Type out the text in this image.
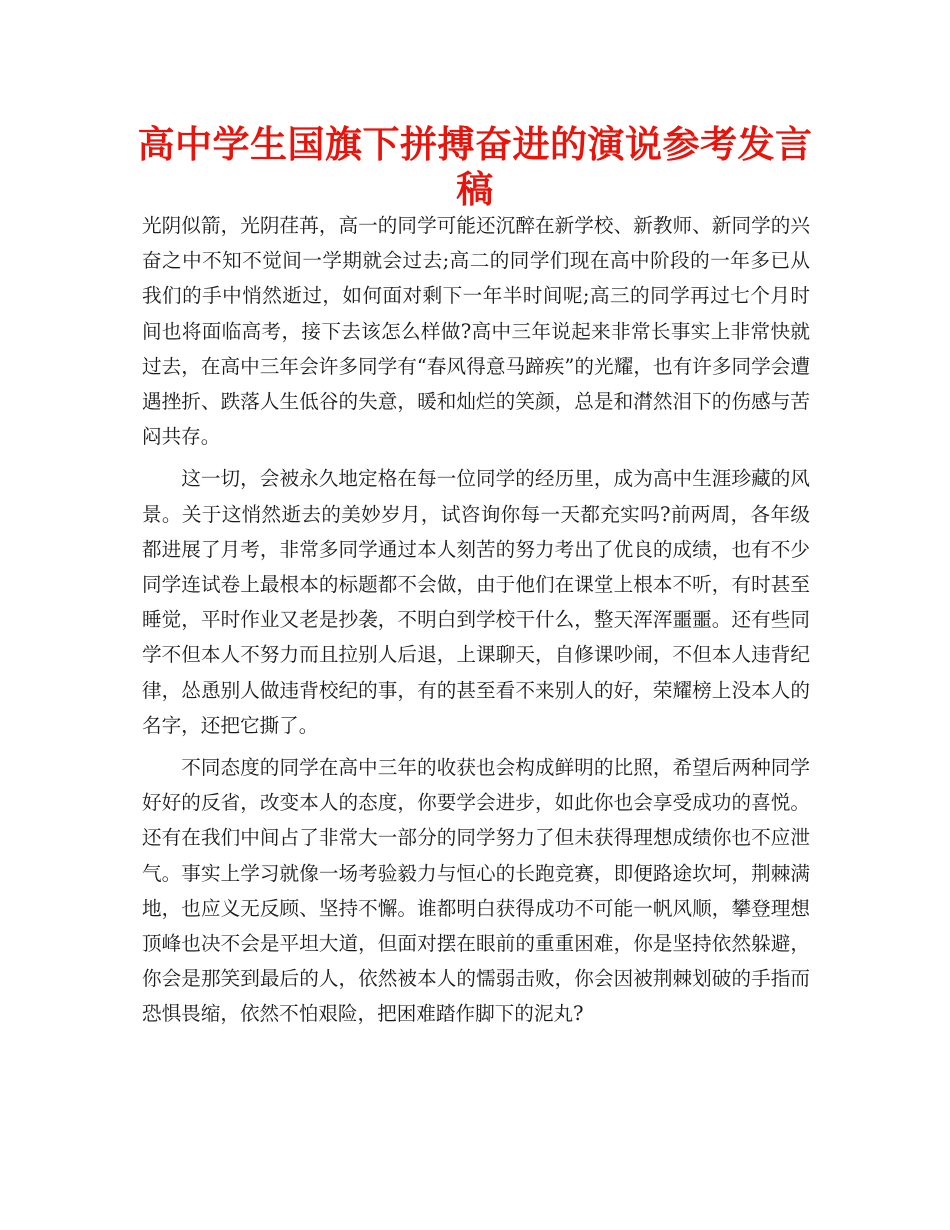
高中学生国旗下拼搏奋进的演说参考发言稿

光阴似箭，光阴荏苒，高一的同学可能还沉醉在新学校、新教师、新同学的兴奋之中不知不觉间一学期就会过去;高二的同学们现在高中阶段的一年多已从我们的手中悄然逝过，如何面对剩下一年半时间呢;高三的同学再过七个月时间也将面临高考，接下去该怎么样做?高中三年说起来非常长事实上非常快就过去，在高中三年会许多同学有“春风得意马蹄疾”的光耀，也有许多同学会遭遇挫折、跌落人生低谷的失意，暖和灿烂的笑颜，总是和潸然泪下的伤感与苦闷共存。

这一切，会被永久地定格在每一位同学的经历里，成为高中生涯珍藏的风景。关于这悄然逝去的美妙岁月，试咨询你每一天都充实吗?前两周，各年级都进展了月考，非常多同学通过本人刻苦的努力考出了优良的成绩，也有不少同学连试卷上最根本的标题都不会做，由于他们在课堂上根本不听，有时甚至睡觉，平时作业又老是抄袭，不明白到学校干什么，整天浑浑噩噩。还有些同学不但本人不努力而且拉别人后退，上课聊天，自修课吵闹，不但本人违背纪律，怂恿别人做违背校纪的事，有的甚至看不来别人的好，荣耀榜上没本人的名字，还把它撕了。

不同态度的同学在高中三年的收获也会构成鲜明的比照，希望后两种同学好好的反省，改变本人的态度，你要学会进步，如此你也会享受成功的喜悦。还有在我们中间占了非常大一部分的同学努力了但未获得理想成绩你也不应泄气。事实上学习就像一场考验毅力与恒心的长跑竞赛，即便路途坎坷，荆棘满地，也应义无反顾、坚持不懈。谁都明白获得成功不可能一帆风顺，攀登理想顶峰也决不会是平坦大道，但面对摆在眼前的重重困难，你是坚持依然躲避，你会是那笑到最后的人，依然被本人的懦弱击败，你会因被荆棘划破的手指而恐惧畏缩，依然不怕艰险，把困难踏作脚下的泥丸?
